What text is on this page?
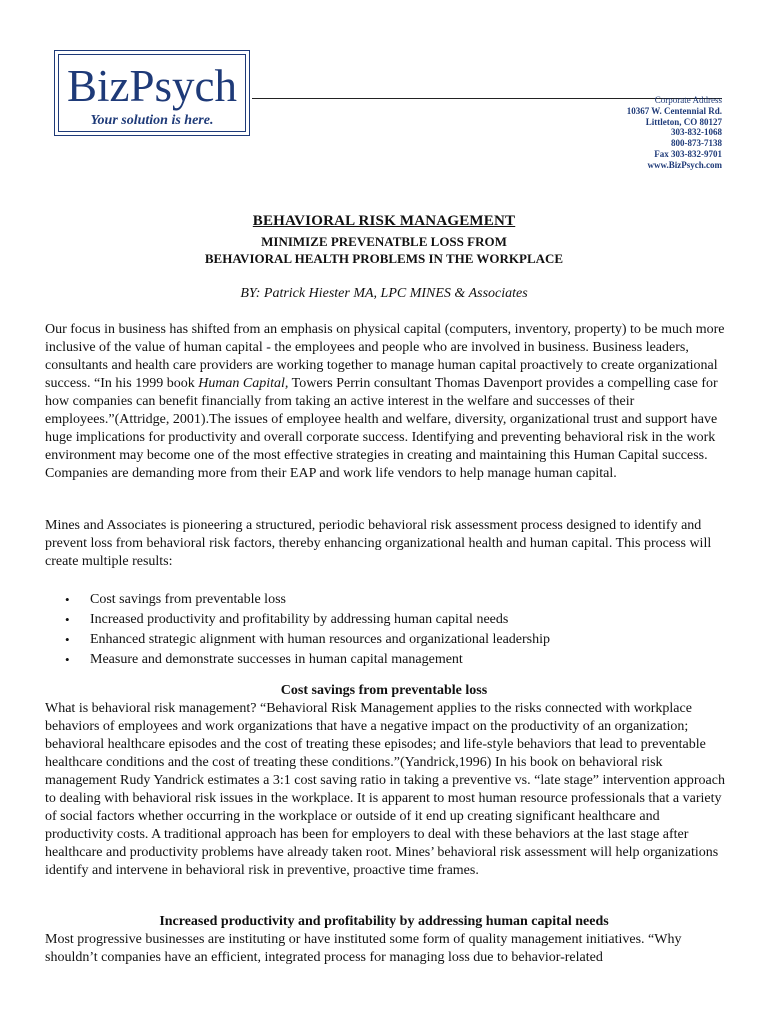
BizPsych
Your solution is here.
Corporate Address
10367 W. Centennial Rd.
Littleton, CO 80127
303-832-1068
800-873-7138
Fax 303-832-9701
www.BizPsych.com
BEHAVIORAL RISK MANAGEMENT
MINIMIZE PREVENATBLE LOSS FROM
BEHAVIORAL HEALTH PROBLEMS IN THE WORKPLACE
BY: Patrick Hiester MA, LPC MINES & Associates

Our focus in business has shifted from an emphasis on physical capital (computers, inventory, property) to be much more inclusive of the value of human capital - the employees and people who are involved in business. Business leaders, consultants and health care providers are working together to manage human capital proactively to create organizational success. “In his 1999 book Human Capital, Towers Perrin consultant Thomas Davenport provides a compelling case for how companies can benefit financially from taking an active interest in the welfare and successes of their employees.”(Attridge, 2001).The issues of employee health and welfare, diversity, organizational trust and support have huge implications for productivity and overall corporate success. Identifying and preventing behavioral risk in the work environment may become one of the most effective strategies in creating and maintaining this Human Capital success. Companies are demanding more from their EAP and work life vendors to help manage human capital.

Mines and Associates is pioneering a structured, periodic behavioral risk assessment process designed to identify and prevent loss from behavioral risk factors, thereby enhancing organizational health and human capital. This process will create multiple results:

• Cost savings from preventable loss
• Increased productivity and profitability by addressing human capital needs
• Enhanced strategic alignment with human resources and organizational leadership
• Measure and demonstrate successes in human capital management
Cost savings from preventable loss

What is behavioral risk management? “Behavioral Risk Management applies to the risks connected with workplace behaviors of employees and work organizations that have a negative impact on the productivity of an organization; behavioral healthcare episodes and the cost of treating these episodes; and life-style behaviors that lead to preventable healthcare conditions and the cost of treating these conditions.”(Yandrick,1996) In his book on behavioral risk management Rudy Yandrick estimates a 3:1 cost saving ratio in taking a preventive vs. “late stage” intervention approach to dealing with behavioral risk issues in the workplace. It is apparent to most human resource professionals that a variety of social factors whether occurring in the workplace or outside of it end up creating significant healthcare and productivity costs. A traditional approach has been for employers to deal with these behaviors at the last stage after healthcare and productivity problems have already taken root. Mines’ behavioral risk assessment will help organizations identify and intervene in behavioral risk in preventive, proactive time frames.

Increased productivity and profitability by addressing human capital needs

Most progressive businesses are instituting or have instituted some form of quality management initiatives. “Why shouldn’t companies have an efficient, integrated process for managing loss due to behavior-related
